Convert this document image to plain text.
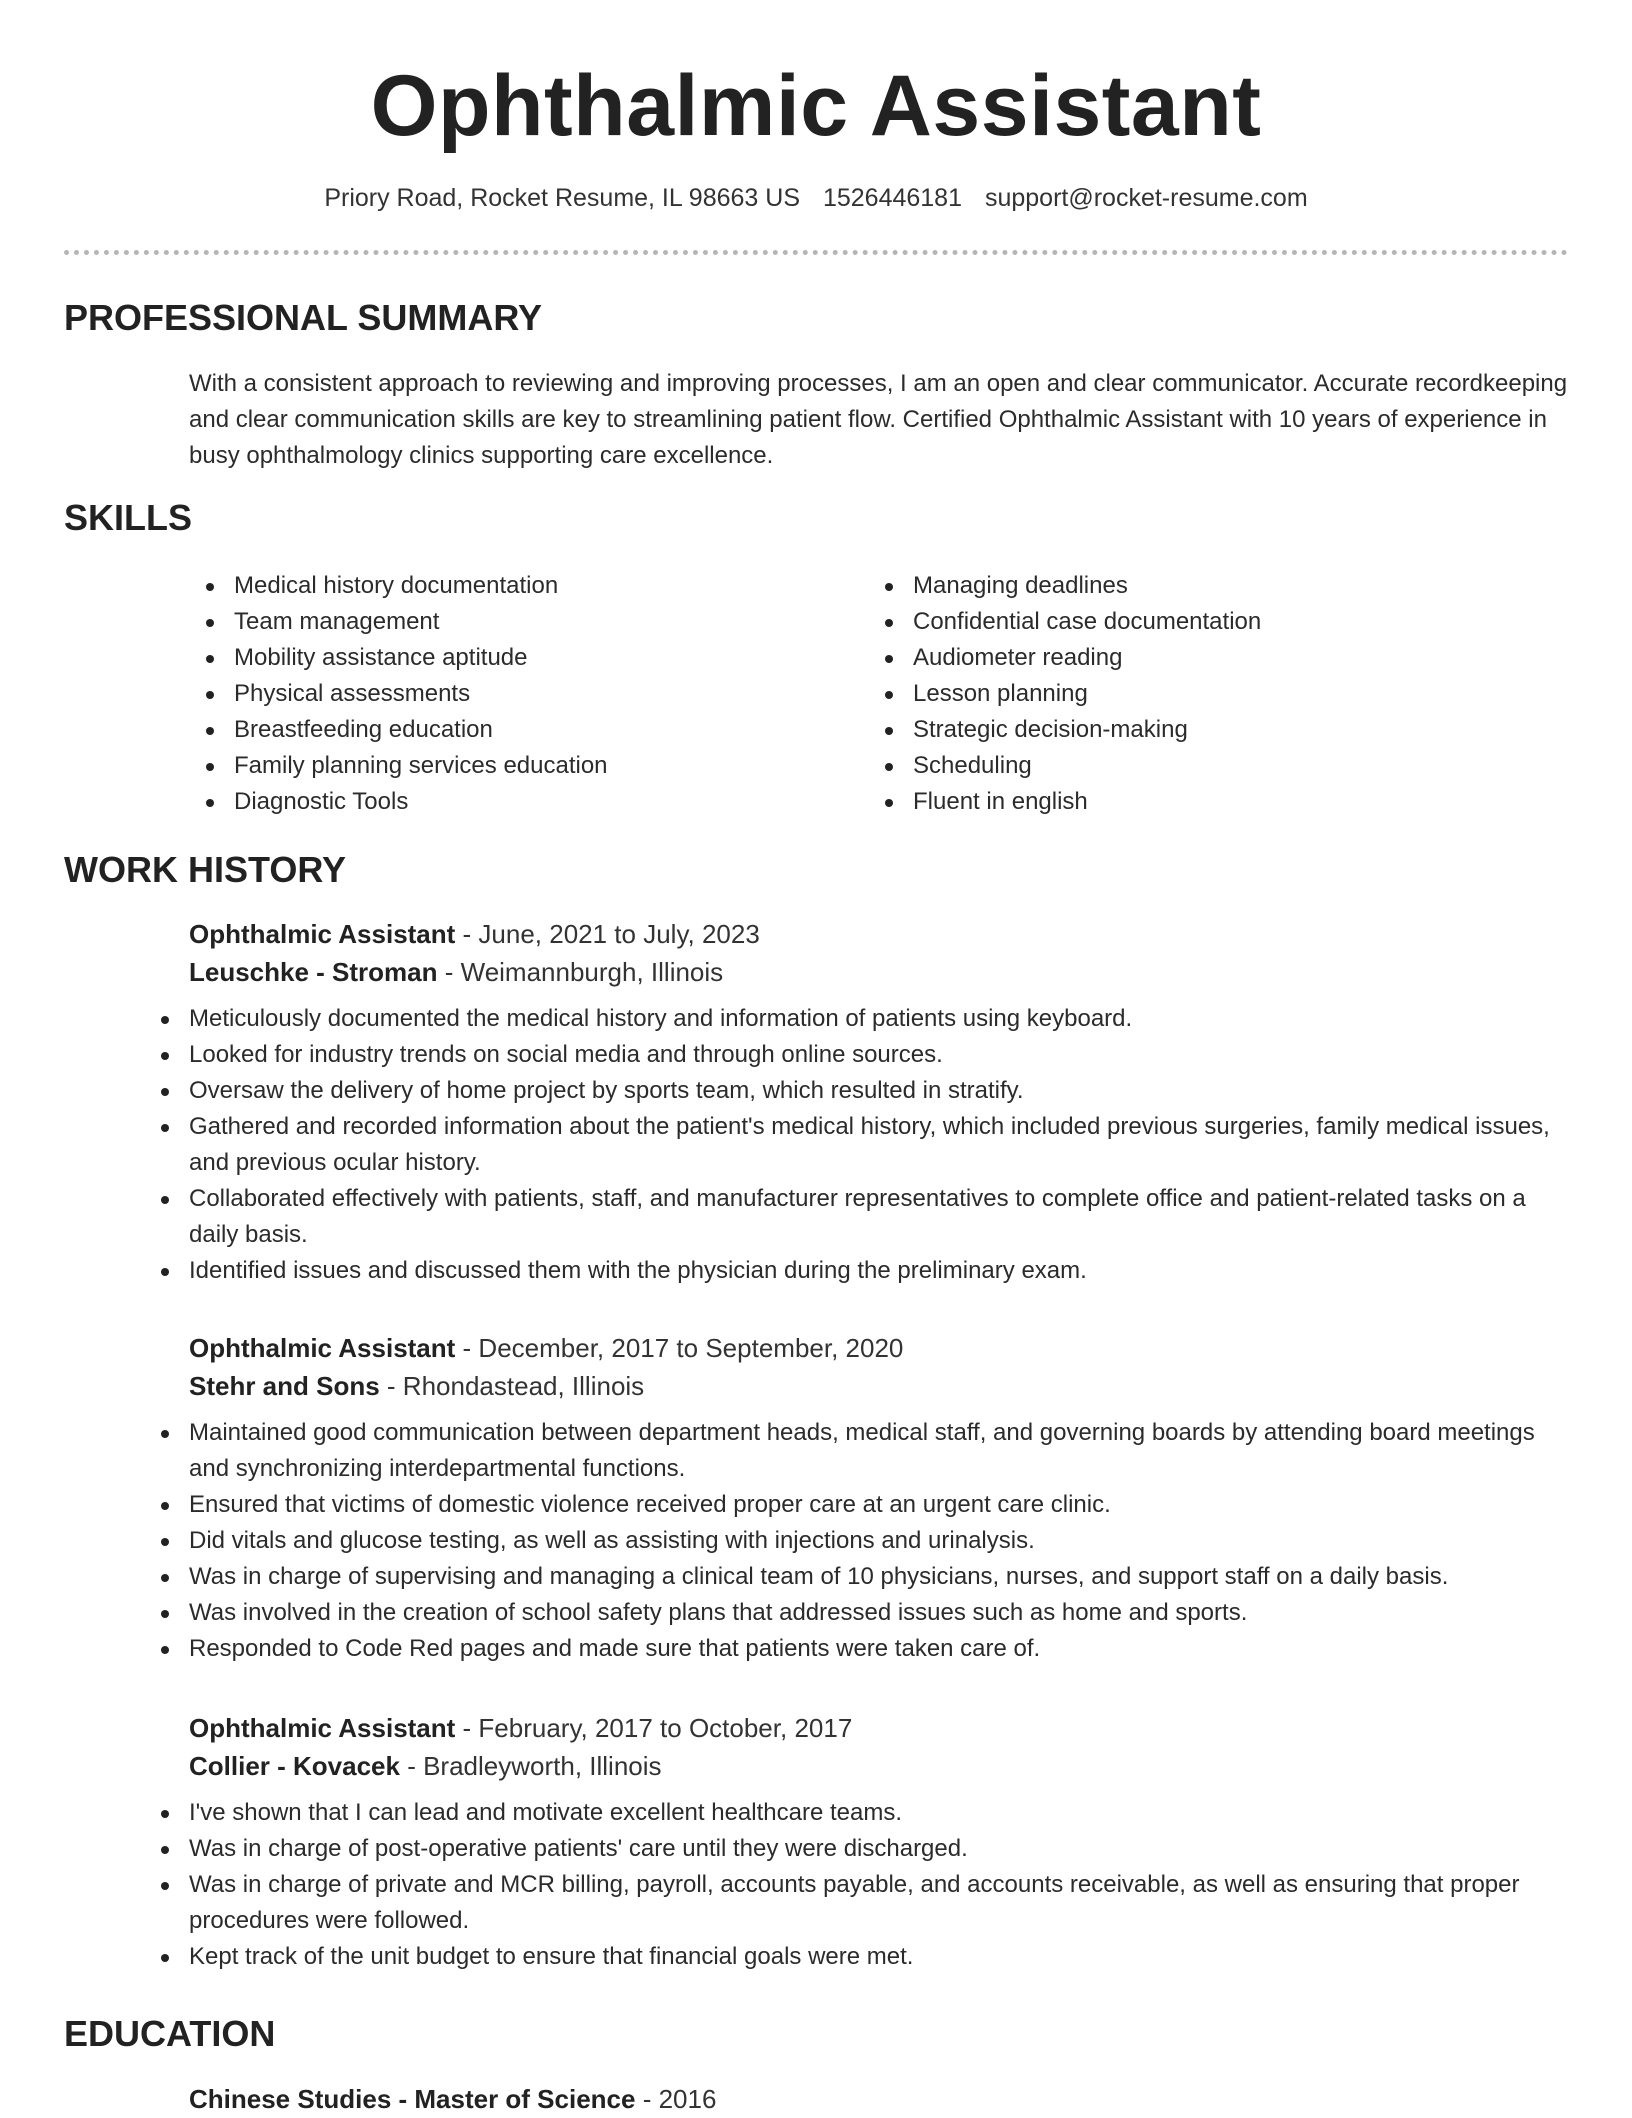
Ophthalmic Assistant
Priory Road, Rocket Resume, IL 98663 US 1526446181 support@rocket-resume.com
PROFESSIONAL SUMMARY

With a consistent approach to reviewing and improving processes, I am an open and clear communicator. Accurate recordkeeping and clear communication skills are key to streamlining patient flow. Certified Ophthalmic Assistant with 10 years of experience in busy ophthalmology clinics supporting care excellence.

SKILLS
Medical history documentation
Team management
Mobility assistance aptitude
Physical assessments
Breastfeeding education
Family planning services education
Diagnostic Tools
Managing deadlines
Confidential case documentation
Audiometer reading
Lesson planning
Strategic decision-making
Scheduling
Fluent in english
WORK HISTORY
Ophthalmic Assistant - June, 2021 to July, 2023
Leuschke - Stroman - Weimannburgh, Illinois
Meticulously documented the medical history and information of patients using keyboard.
Looked for industry trends on social media and through online sources.
Oversaw the delivery of home project by sports team, which resulted in stratify.
Gathered and recorded information about the patient's medical history, which included previous surgeries, family medical issues, and previous ocular history.
Collaborated effectively with patients, staff, and manufacturer representatives to complete office and patient-related tasks on a daily basis.
Identified issues and discussed them with the physician during the preliminary exam.
Ophthalmic Assistant - December, 2017 to September, 2020
Stehr and Sons - Rhondastead, Illinois
Maintained good communication between department heads, medical staff, and governing boards by attending board meetings and synchronizing interdepartmental functions.
Ensured that victims of domestic violence received proper care at an urgent care clinic.
Did vitals and glucose testing, as well as assisting with injections and urinalysis.
Was in charge of supervising and managing a clinical team of 10 physicians, nurses, and support staff on a daily basis.
Was involved in the creation of school safety plans that addressed issues such as home and sports.
Responded to Code Red pages and made sure that patients were taken care of.
Ophthalmic Assistant - February, 2017 to October, 2017
Collier - Kovacek - Bradleyworth, Illinois
I've shown that I can lead and motivate excellent healthcare teams.
Was in charge of post-operative patients' care until they were discharged.
Was in charge of private and MCR billing, payroll, accounts payable, and accounts receivable, as well as ensuring that proper procedures were followed.
Kept track of the unit budget to ensure that financial goals were met.
EDUCATION
Chinese Studies - Master of Science - 2016
